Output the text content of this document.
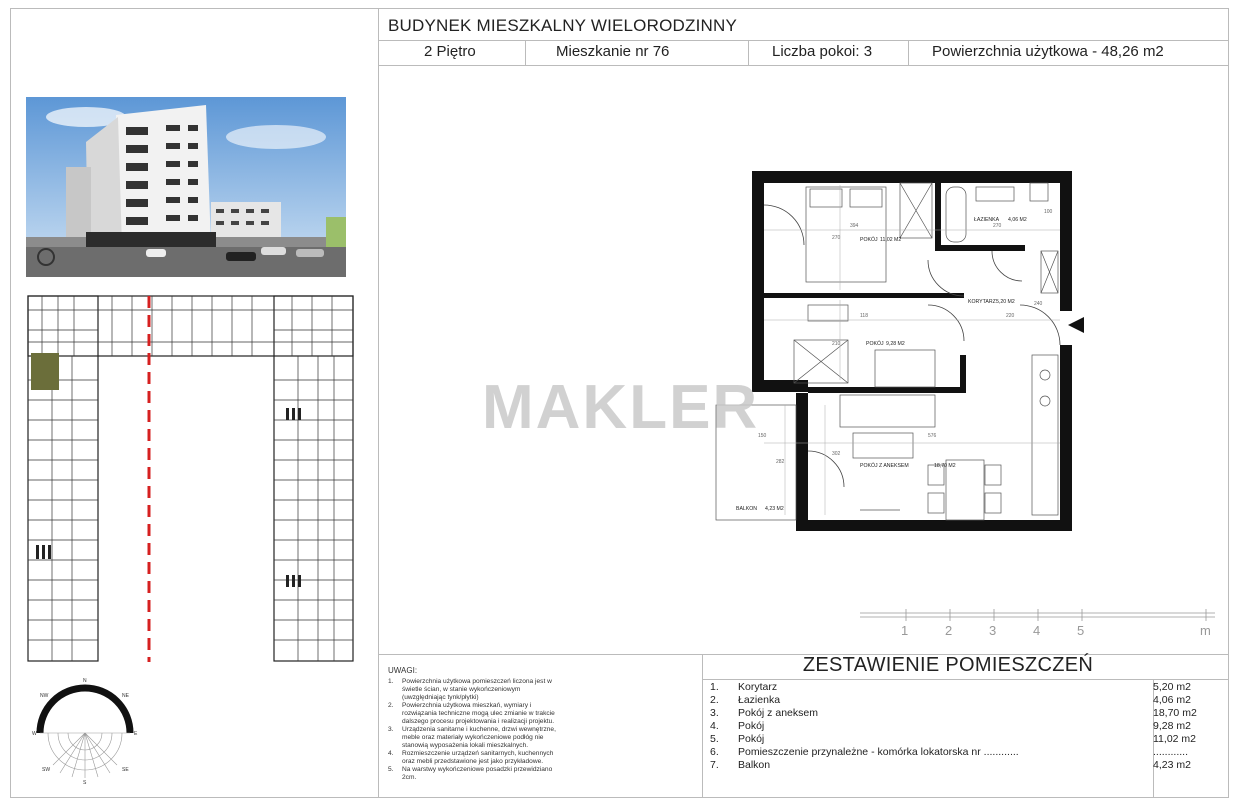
BUDYNEK MIESZKALNY WIELORODZINNY
2 Piętro	Mieszkanie nr 76	Liczba pokoi: 3	Powierzchnia użytkowa - 48,26 m2
N
NE
E
SE
S
SW
W
NW
ŁAZIENKA 4,06 M2
POKÓJ 11,02 M2
KORYTARZ 5,20 M2
POKÓJ 9,28 M2
POKÓJ Z ANEKSEM	18,70 M2
BALKON 4,23 M2
394
270
270
100
118	220
210
240
150	576
282
302
MAKLER
1	2	3	4	5	m
UWAGI:
1.	Powierzchnia użytkowa pomieszczeń liczona jest w świetle ścian, w stanie wykończeniowym (uwzględniając tynk/płytki)
2.	Powierzchnia użytkowa mieszkań, wymiary i rozwiązania techniczne mogą ulec zmianie w trakcie dalszego procesu projektowania i realizacji projektu.
3.	Urządzenia sanitarne i kuchenne, drzwi wewnętrzne, meble oraz materiały wykończeniowe podłóg nie stanowią wyposażenia lokali mieszkalnych.
4.	Rozmieszczenie urządzeń sanitarnych, kuchennych oraz mebli przedstawione jest jako przykładowe.
5.	Na warstwy wykończeniowe posadzki przewidziano 2cm.
ZESTAWIENIE POMIESZCZEŃ
1.	Korytarz	5,20 m2
2.	Łazienka	4,06 m2
3.	Pokój z aneksem	18,70 m2
4.	Pokój	9,28 m2
5.	Pokój	11,02 m2
6.	Pomieszczenie przynależne - komórka lokatorska nr ............	............
7.	Balkon	4,23 m2
